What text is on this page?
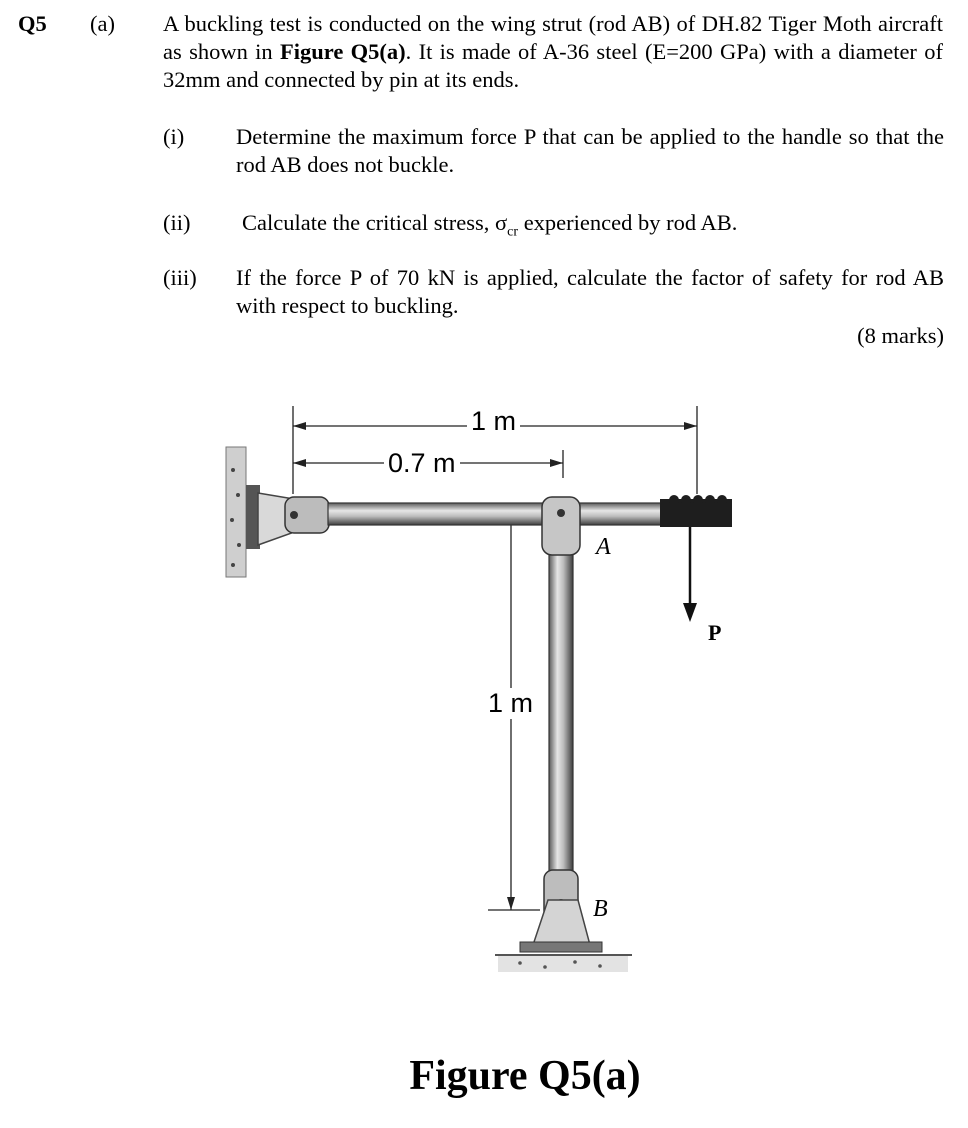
Q5 (a) A buckling test is conducted on the wing strut (rod AB) of DH.82 Tiger Moth aircraft as shown in Figure Q5(a). It is made of A-36 steel (E=200 GPa) with a diameter of 32mm and connected by pin at its ends.
(i) Determine the maximum force P that can be applied to the handle so that the rod AB does not buckle.
(ii) Calculate the critical stress, $\sigma_{cr}$ experienced by rod AB.
(iii) If the force P of 70 kN is applied, calculate the factor of safety for rod AB with respect to buckling.
(8 marks)
1 m
0.7 m
1 m
A
B
P
Figure Q5(a)
